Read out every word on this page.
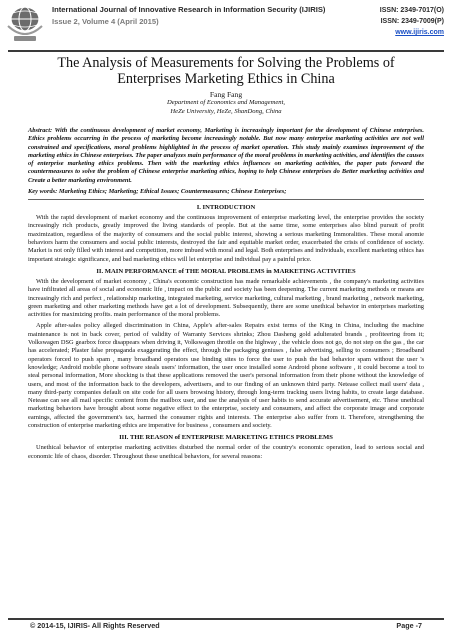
International Journal of Innovative Research in Information Security (IJIRIS)
Issue 2, Volume 4 (April 2015)
ISSN: 2349-7017(O)
ISSN: 2349-7009(P)
www.ijiris.com
The Analysis of Measurements for Solving the Problems of Enterprises Marketing Ethics in China
Fang Fang
Department of Economics and Management,
HeZe University, HeZe, ShanDong, China
Abstract: With the continuous development of market economy, Marketing is increasingly important for the development of Chinese enterprises. Ethics problems occurring in the process of marketing become increasingly notable. But now many enterprise marketing activities are not well constrained and specifications, moral problems highlighted in the process of market operation. This study mainly examines improvement of the marketing ethics in Chinese enterprises. The paper analyzes main performance of the moral problems in marketing activities, and identifies the causes of enterprise marketing ethics problems. Then with the marketing ethics influences on marketing activities, the paper puts forward the countermeasures to solve the problem of Chinese enterprise marketing ethics, hoping to help Chinese enterprises do Better marketing activities and Create a better marketing environment.
Key words: Marketing Ethics; Marketing; Ethical Issues; Countermeasures; Chinese Enterprises;
I. INTRODUCTION

With the rapid development of market economy and the continuous improvement of enterprise marketing level, the enterprise provides the society increasingly rich products, greatly improved the living standards of people. But at the same time, some enterprises also blind pursuit of profit maximization, regardless of the majority of consumers and the social public interest, showing a serious marketing Immoralities. These moral anomie behaviors harm the consumers and social public interests, destroyed the fair and equitable market order, exacerbated the crisis of confidence of society. Market is not only filled with interest and competition, more imbued with moral and legal. Both enterprises and individuals, excellent marketing ethics has important strategic significance, and bad marketing ethics will let enterprise and individual pay a painful price.

II. MAIN PERFORMANCE of THE MORAL PROBLEMS in MARKETING ACTIVITIES

With the development of market economy , China's economic construction has made remarkable achievements , the company's marketing activities have infiltrated all areas of social and economic life , impact on the public and society has been deepening. The current marketing methods or means are increasingly rich and perfect , relationship marketing, integrated marketing, service marketing, cultural marketing , brand marketing , network marketing, green marketing and other marketing methods have get a lot of development. Subsequently, there are some unethical behavior in enterprises marketing activities for maximizing profits. main performance of the moral problems.

Apple after-sales policy alleged discrimination in China, Apple's after-sales Repairs exist terms of the King in China, including the machine maintenance is not in back cover, period of validity of Warranty Services shrinks; Zhou Dasheng gold adulterated brands , profiteering from it; Volkswagen DSG gearbox force disappears when driving it, Volkswagen throttle on the highway , the vehicle does not go, do not step on the gas , the car has accelerated; Plaster false propaganda exaggerating the effect, through the packaging geniuses , false advertising, selling to consumers ; Broadband operators forced to push spam , many broadband operators use binding sites to force the user to push the bad behavior spam without the user 's knowledge; Android mobile phone software steals users' information, the user once installed some Android phone software , it could become a tool to steal personal information, More shocking is that these applications removed the user's personal information from their phone without the knowledge of users, and most of the information back to the developers, advertisers, and to our finding of an unknown third party. Netease collect mail users' data , many third-party companies default on site code for all users browsing history, through long-term tracking users living habits, to create large database. Netease can see all mail specific content from the mailbox user, and use the analysis of user habits to send accurate advertisement, etc. These unethical marketing behaviors have brought about some negative effect to the enterprise, society and consumers, and affect the corporate image and corporate earnings, affected the government's tax, harmed the consumer rights and interests. The enterprise also suffer from it. Therefore, strengthening the construction of enterprise marketing ethics are imperative for business , consumers and society.

III. THE REASON of ENTERPRISE MARKETING ETHICS PROBLEMS

Unethical behavior of enterprise marketing activities disturbed the normal order of the country's economic operation, lead to serious social and economic life of chaos, disorder. Throughout these unethical behaviors, for several reasons:

© 2014-15, IJIRIS- All Rights Reserved	Page -7
